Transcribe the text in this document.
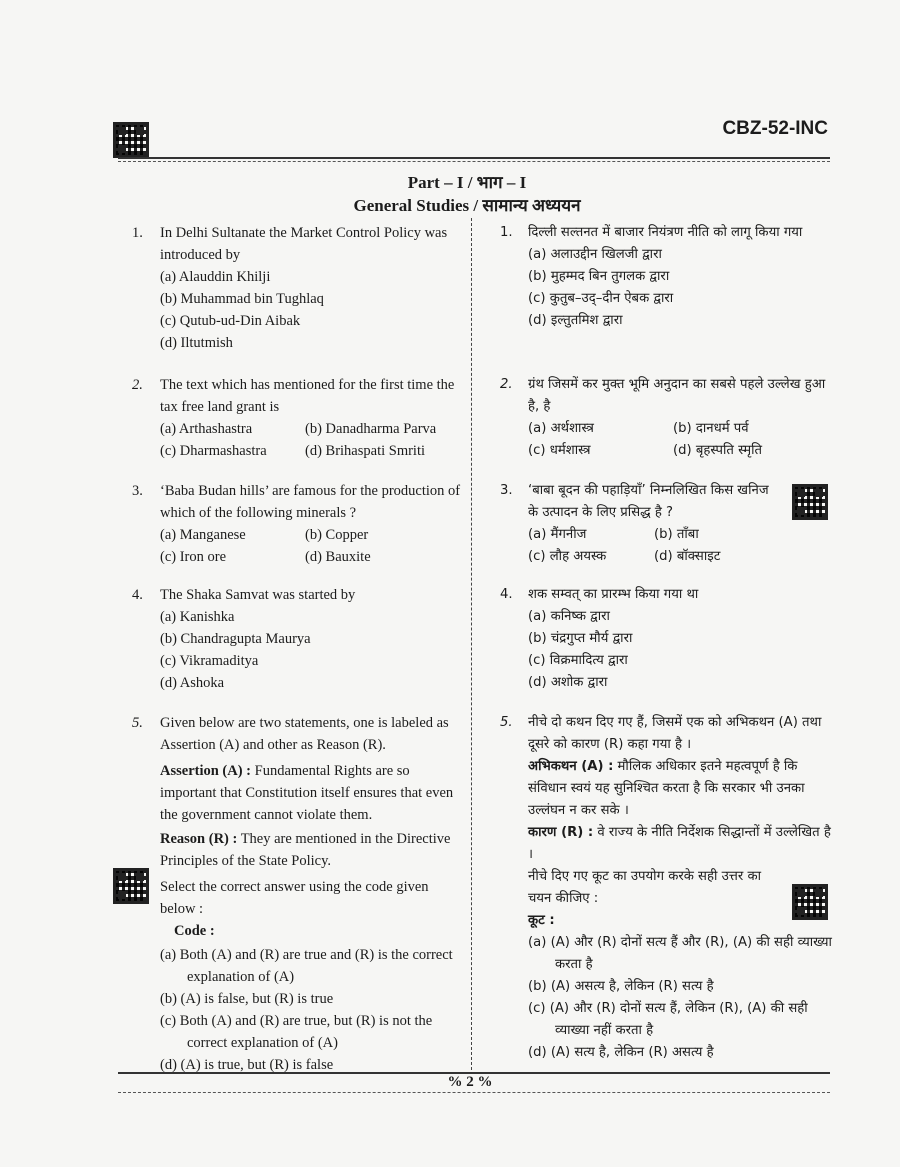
CBZ-52-INC
Part – I / भाग – I
General Studies / सामान्य अध्ययन
1. In Delhi Sultanate the Market Control Policy was introduced by
(a) Alauddin Khilji
(b) Muhammad bin Tughlaq
(c) Qutub-ud-Din Aibak
(d) Iltutmish
2. The text which has mentioned for the first time the tax free land grant is
(a) Arthashastra	(b) Danadharma Parva
(c) Dharmashastra	(d) Brihaspati Smriti
3. ‘Baba Budan hills’ are famous for the production of which of the following minerals ?
(a) Manganese	(b) Copper
(c) Iron ore	(d) Bauxite
4. The Shaka Samvat was started by
(a) Kanishka
(b) Chandragupta Maurya
(c) Vikramaditya
(d) Ashoka
5. Given below are two statements, one is labeled as Assertion (A) and other as Reason (R).
Assertion (A) : Fundamental Rights are so important that Constitution itself ensures that even the government cannot violate them.
Reason (R) : They are mentioned in the Directive Principles of the State Policy.
Select the correct answer using the code given below :
Code :
(a) Both (A) and (R) are true and (R) is the correct explanation of (A)
(b) (A) is false, but (R) is true
(c) Both (A) and (R) are true, but (R) is not the correct explanation of (A)
(d) (A) is true, but (R) is false
1. दिल्ली सल्तनत में बाजार नियंत्रण नीति को लागू किया गया
(a) अलाउद्दीन खिलजी द्वारा
(b) मुहम्मद बिन तुगलक द्वारा
(c) कुतुब–उद्–दीन ऐबक द्वारा
(d) इल्तुतमिश द्वारा
2. ग्रंथ जिसमें कर मुक्त भूमि अनुदान का सबसे पहले उल्लेख हुआ है, है
(a) अर्थशास्त्र	(b) दानधर्म पर्व
(c) धर्मशास्त्र	(d) बृहस्पति स्मृति
3. ‘बाबा बूदन की पहाड़ियाँ’ निम्नलिखित किस खनिज के उत्पादन के लिए प्रसिद्ध है ?
(a) मैंगनीज	(b) ताँबा
(c) लौह अयस्क	(d) बॉक्साइट
4. शक सम्वत् का प्रारम्भ किया गया था
(a) कनिष्क द्वारा
(b) चंद्रगुप्त मौर्य द्वारा
(c) विक्रमादित्य द्वारा
(d) अशोक द्वारा
5. नीचे दो कथन दिए गए हैं, जिसमें एक को अभिकथन (A) तथा दूसरे को कारण (R) कहा गया है ।
अभिकथन (A) : मौलिक अधिकार इतने महत्वपूर्ण है कि संविधान स्वयं यह सुनिश्चित करता है कि सरकार भी उनका उल्लंघन न कर सके ।
कारण (R) : वे राज्य के नीति निर्देशक सिद्धान्तों में उल्लेखित है ।
नीचे दिए गए कूट का उपयोग करके सही उत्तर का चयन कीजिए :
कूट :
(a) (A) और (R) दोनों सत्य हैं और (R), (A) की सही व्याख्या करता है
(b) (A) असत्य है, लेकिन (R) सत्य है
(c) (A) और (R) दोनों सत्य हैं, लेकिन (R), (A) की सही व्याख्या नहीं करता है
(d) (A) सत्य है, लेकिन (R) असत्य है
% 2 %
